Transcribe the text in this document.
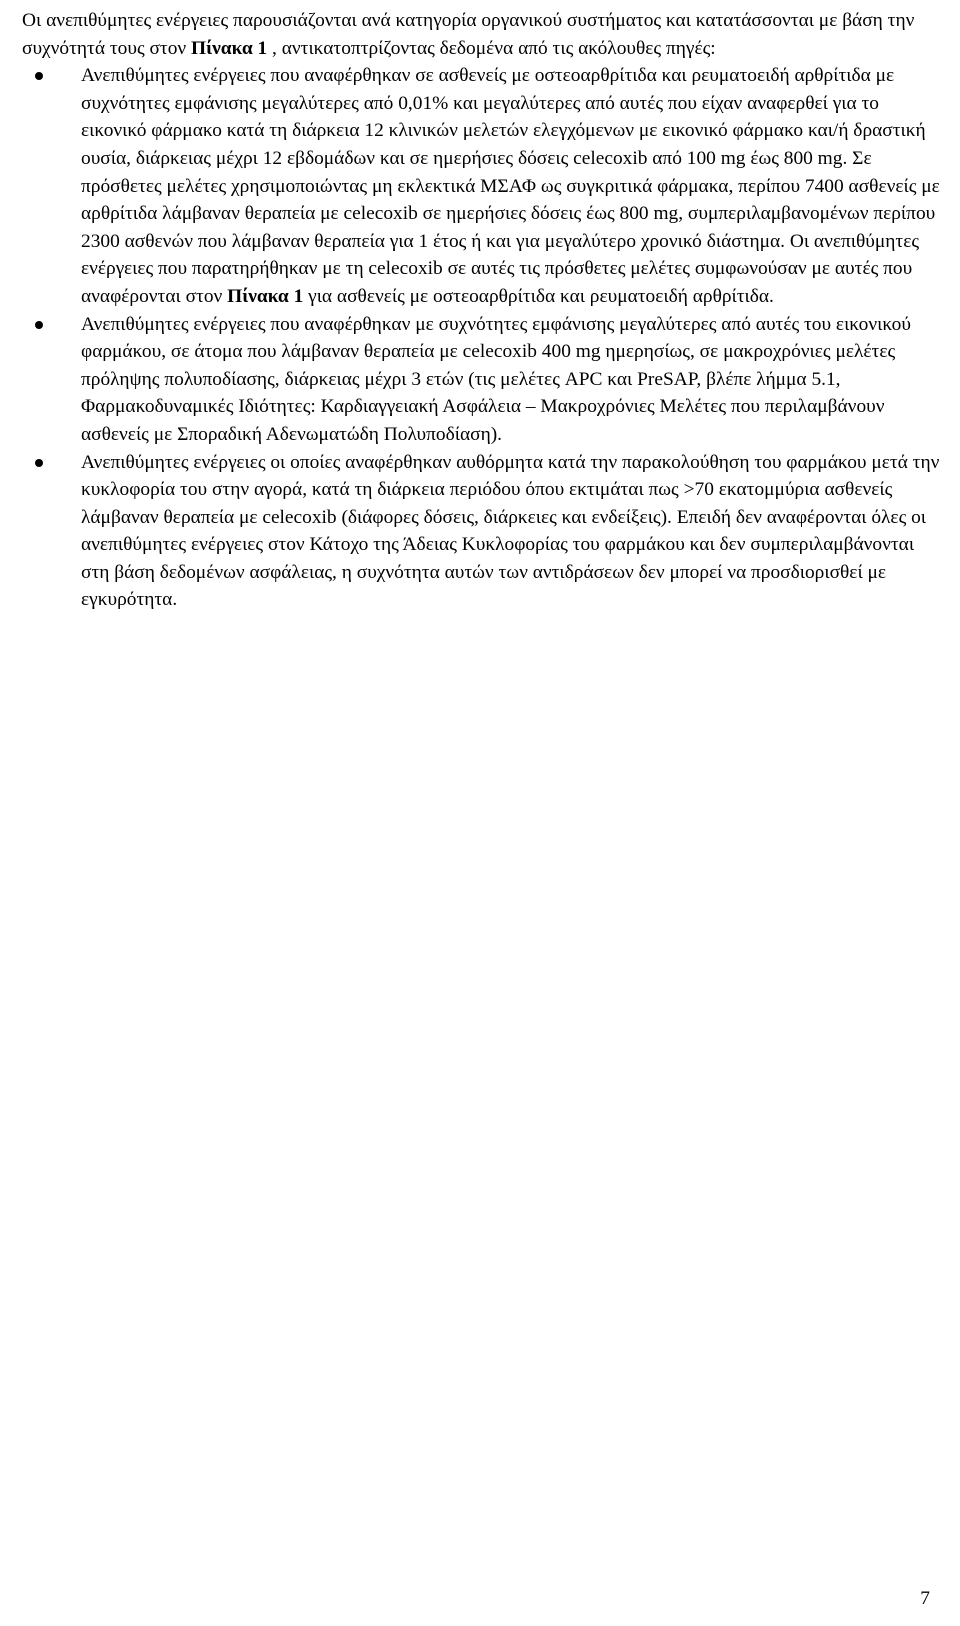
Οι ανεπιθύμητες ενέργειες παρουσιάζονται ανά κατηγορία οργανικού συστήματος και κατατάσσονται με βάση την συχνότητά τους στον Πίνακα 1 , αντικατοπτρίζοντας δεδομένα από τις ακόλουθες πηγές:

Ανεπιθύμητες ενέργειες που αναφέρθηκαν σε ασθενείς με οστεοαρθρίτιδα και ρευματοειδή αρθρίτιδα με συχνότητες εμφάνισης μεγαλύτερες από 0,01% και μεγαλύτερες από αυτές που είχαν αναφερθεί για το εικονικό φάρμακο κατά τη διάρκεια 12 κλινικών μελετών ελεγχόμενων με εικονικό φάρμακο και/ή δραστική ουσία, διάρκειας μέχρι 12 εβδομάδων και σε ημερήσιες δόσεις celecoxib από 100 mg έως 800 mg. Σε πρόσθετες μελέτες χρησιμοποιώντας μη εκλεκτικά ΜΣΑΦ ως συγκριτικά φάρμακα, περίπου 7400 ασθενείς με αρθρίτιδα λάμβαναν θεραπεία με celecoxib σε ημερήσιες δόσεις έως 800 mg, συμπεριλαμβανομένων περίπου 2300 ασθενών που λάμβαναν θεραπεία για 1 έτος ή και για μεγαλύτερο χρονικό διάστημα. Οι ανεπιθύμητες ενέργειες που παρατηρήθηκαν με τη celecoxib σε αυτές τις πρόσθετες μελέτες συμφωνούσαν με αυτές που αναφέρονται στον Πίνακα 1 για ασθενείς με οστεοαρθρίτιδα και ρευματοειδή αρθρίτιδα.
Ανεπιθύμητες ενέργειες που αναφέρθηκαν με συχνότητες εμφάνισης μεγαλύτερες από αυτές του εικονικού φαρμάκου, σε άτομα που λάμβαναν θεραπεία με celecoxib 400 mg ημερησίως, σε μακροχρόνιες μελέτες πρόληψης πολυποδίασης, διάρκειας μέχρι 3 ετών (τις μελέτες APC και PreSAP, βλέπε λήμμα 5.1, Φαρμακοδυναμικές Ιδιότητες: Καρδιαγγειακή Ασφάλεια – Μακροχρόνιες Μελέτες που περιλαμβάνουν ασθενείς με Σποραδική Αδενωματώδη Πολυποδίαση).
Ανεπιθύμητες ενέργειες οι οποίες αναφέρθηκαν αυθόρμητα κατά την παρακολούθηση του φαρμάκου μετά την κυκλοφορία του στην αγορά, κατά τη διάρκεια περιόδου όπου εκτιμάται πως >70 εκατομμύρια ασθενείς λάμβαναν θεραπεία με celecoxib (διάφορες δόσεις, διάρκειες και ενδείξεις). Επειδή δεν αναφέρονται όλες οι ανεπιθύμητες ενέργειες στον Κάτοχο της Άδειας Κυκλοφορίας του φαρμάκου και δεν συμπεριλαμβάνονται στη βάση δεδομένων ασφάλειας, η συχνότητα αυτών των αντιδράσεων δεν μπορεί να προσδιορισθεί με εγκυρότητα.
7
